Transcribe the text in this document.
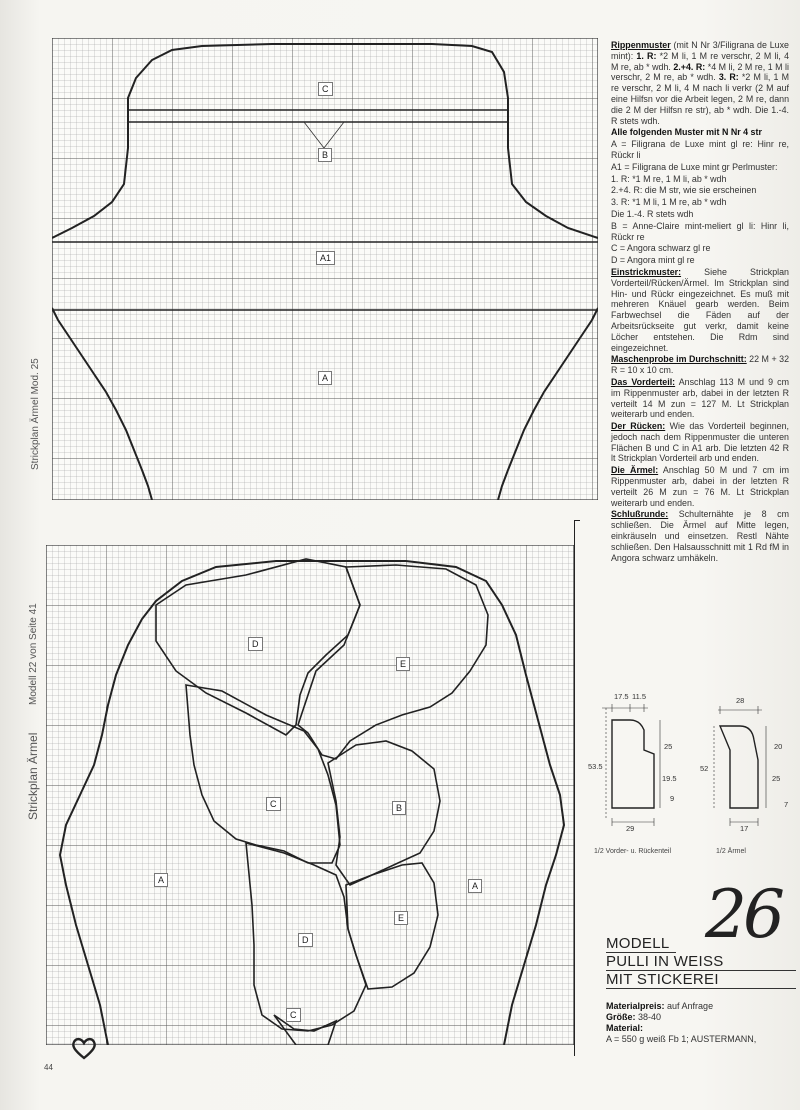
C
B
A1
A
Strickplan Ärmel Mod. 25
D
E
C	B
A
A
E
D
C
Strickplan Ärmel
Modell 22 von Seite 41

Rippenmuster (mit N Nr 3/Filigrana de Luxe mint): 1. R: *2 M li, 1 M re verschr, 2 M li, 4 M re, ab * wdh. 2.+4. R: *4 M li, 2 M re, 1 M li verschr, 2 M re, ab * wdh. 3. R: *2 M li, 1 M re verschr, 2 M li, 4 M nach li verkr (2 M auf eine Hilfsn vor die Arbeit legen, 2 M re, dann die 2 M der Hilfsn re str), ab * wdh. Die 1.-4. R stets wdh.

Alle folgenden Muster mit N Nr 4 str

A = Filigrana de Luxe mint gl re: Hinr re, Rückr li

A1 = Filigrana de Luxe mint gr Perlmuster:

1. R: *1 M re, 1 M li, ab * wdh

2.+4. R: die M str, wie sie erscheinen

3. R: *1 M li, 1 M re, ab * wdh

Die 1.-4. R stets wdh

B = Anne-Claire mint-meliert gl li: Hinr li, Rückr re

C = Angora schwarz gl re

D = Angora mint gl re

Einstrickmuster: Siehe Strickplan Vorderteil/Rücken/Ärmel. Im Strickplan sind Hin- und Rückr eingezeichnet. Es muß mit mehreren Knäuel gearb werden. Beim Farbwechsel die Fäden auf der Arbeitsrückseite gut verkr, damit keine Löcher entstehen. Die Rdm sind eingezeichnet.

Maschenprobe im Durchschnitt: 22 M + 32 R = 10 x 10 cm.

Das Vorderteil: Anschlag 113 M und 9 cm im Rippenmuster arb, dabei in der letzten R verteilt 14 M zun = 127 M. Lt Strickplan weiterarb und enden.

Der Rücken: Wie das Vorderteil beginnen, jedoch nach dem Rippenmuster die unteren Flächen B und C in A1 arb. Die letzten 42 R lt Strickplan Vorderteil arb und enden.

Die Ärmel: Anschlag 50 M und 7 cm im Rippenmuster arb, dabei in der letzten R verteilt 26 M zun = 76 M. Lt Strickplan weiterarb und enden.

Schlußrunde: Schulternähte je 8 cm schließen. Die Ärmel auf Mitte legen, einkräuseln und einsetzen. Restl Nähte schließen. Den Halsausschnitt mit 1 Rd fM in Angora schwarz umhäkeln.

17.5 11.5
53.5
25
19.5
9
29
1/2 Vorder- u. Rückenteil
28
52
20
25
7
17
1/2 Ärmel
26
MODELL
PULLI IN WEISS
MIT STICKEREI
Materialpreis: auf Anfrage
Größe: 38-40
Material:
A = 550 g weiß Fb 1; AUSTERMANN,
44
